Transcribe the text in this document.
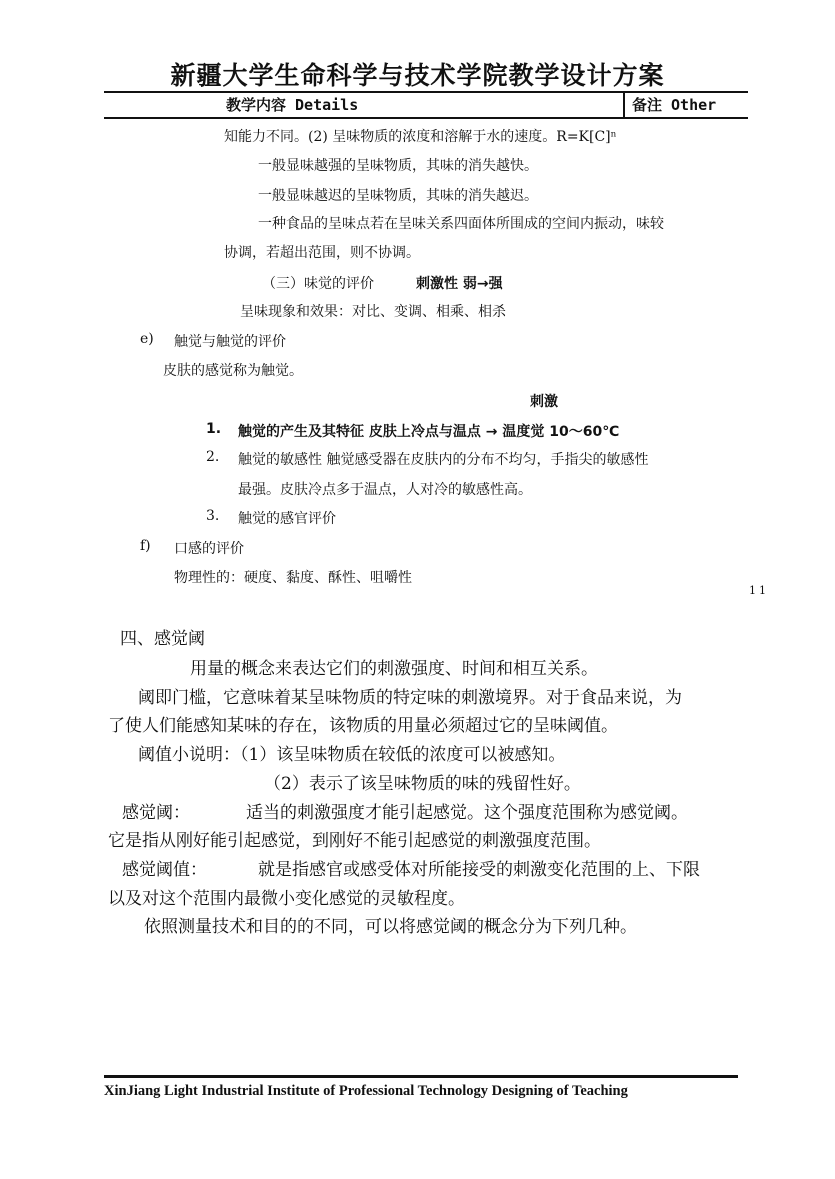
新疆大学生命科学与技术学院教学设计方案
教学内容 Details	备注 Other
知能力不同。(2) 呈味物质的浓度和溶解于水的速度。R=K[C]ⁿ
一般显味越强的呈味物质，其味的消失越快。
一般显味越迟的呈味物质，其味的消失越迟。
一种食品的呈味点若在呈味关系四面体所围成的空间内振动，味较
协调，若超出范围，则不协调。
（三）味觉的评价	刺激性 弱→强
呈味现象和效果：对比、变调、相乘、相杀
e) 触觉与触觉的评价
皮肤的感觉称为触觉。
刺激
1. 触觉的产生及其特征 皮肤上冷点与温点 → 温度觉 10～60℃
2. 触觉的敏感性 触觉感受器在皮肤内的分布不均匀，手指尖的敏感性
最强。皮肤冷点多于温点，人对冷的敏感性高。
3. 触觉的感官评价
f) 口感的评价
物理性的：硬度、黏度、酥性、咀嚼性
11
四、感觉阈
用量的概念来表达它们的刺激强度、时间和相互关系。
阈即门槛，它意味着某呈味物质的特定味的刺激境界。对于食品来说，为
了使人们能感知某味的存在，该物质的用量必须超过它的呈味阈值。
阈值小说明：（1）该呈味物质在较低的浓度可以被感知。
（2）表示了该呈味物质的味的残留性好。
感觉阈：	适当的刺激强度才能引起感觉。这个强度范围称为感觉阈。
它是指从刚好能引起感觉，到刚好不能引起感觉的刺激强度范围。
感觉阈值：	就是指感官或感受体对所能接受的刺激变化范围的上、下限
以及对这个范围内最微小变化感觉的灵敏程度。
依照测量技术和目的的不同，可以将感觉阈的概念分为下列几种。
XinJiang Light Industrial Institute of Professional Technology Designing of Teaching
